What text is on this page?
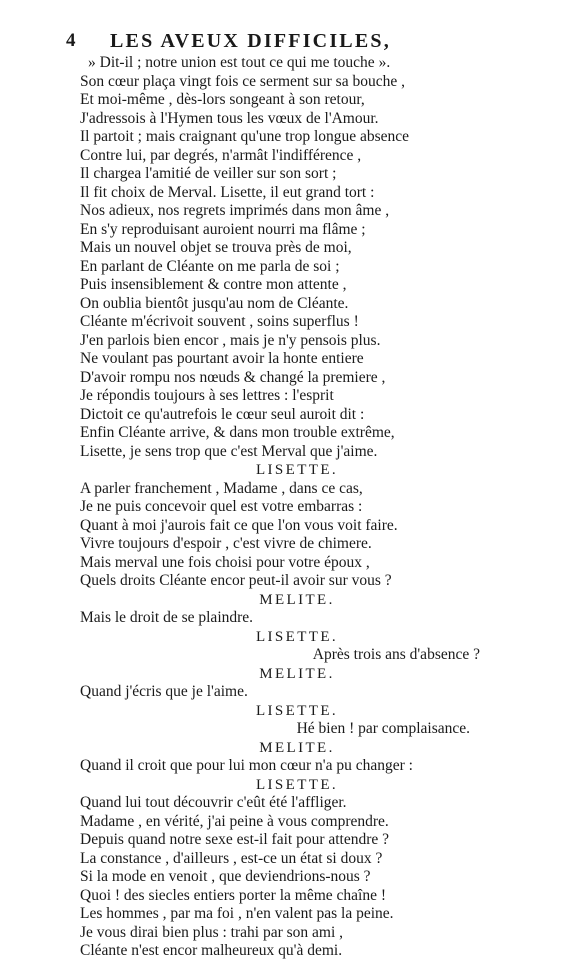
4 LES AVEUX DIFFICILES,
» Dit-il ; notre union est tout ce qui me touche ».
Son cœur plaça vingt fois ce serment sur sa bouche ,
Et moi-même , dès-lors songeant à son retour,
J'adressois à l'Hymen tous les vœux de l'Amour.
Il partoit ; mais craignant qu'une trop longue absence
Contre lui, par degrés, n'armât l'indifférence ,
Il chargea l'amitié de veiller sur son sort ;
Il fit choix de Merval. Lisette, il eut grand tort :
Nos adieux, nos regrets imprimés dans mon âme ,
En s'y reproduisant auroient nourri ma flâme ;
Mais un nouvel objet se trouva près de moi,
En parlant de Cléante on me parla de soi ;
Puis insensiblement & contre mon attente ,
On oublia bientôt jusqu'au nom de Cléante.
Cléante m'écrivoit souvent , soins superflus !
J'en parlois bien encor , mais je n'y pensois plus.
Ne voulant pas pourtant avoir la honte entiere
D'avoir rompu nos nœuds & changé la premiere ,
Je répondis toujours à ses lettres : l'esprit
Dictoit ce qu'autrefois le cœur seul auroit dit :
Enfin Cléante arrive, & dans mon trouble extrême,
Lisette, je sens trop que c'est Merval que j'aime.
LISETTE.
A parler franchement , Madame , dans ce cas,
Je ne puis concevoir quel est votre embarras :
Quant à moi j'aurois fait ce que l'on vous voit faire.
Vivre toujours d'espoir , c'est vivre de chimere.
Mais merval une fois choisi pour votre époux ,
Quels droits Cléante encor peut-il avoir sur vous ?
MELITE.
Mais le droit de se plaindre.
LISETTE.
Après trois ans d'absence ?
MELITE.
Quand j'écris que je l'aime.
LISETTE.
Hé bien ! par complaisance.
MELITE.
Quand il croit que pour lui mon cœur n'a pu changer :
LISETTE.
Quand lui tout découvrir c'eût été l'affliger.
Madame , en vérité, j'ai peine à vous comprendre.
Depuis quand notre sexe est-il fait pour attendre ?
La constance , d'ailleurs , est-ce un état si doux ?
Si la mode en venoit , que deviendrions-nous ?
Quoi ! des siecles entiers porter la même chaîne !
Les hommes , par ma foi , n'en valent pas la peine.
Je vous dirai bien plus : trahi par son ami ,
Cléante n'est encor malheureux qu'à demi.
